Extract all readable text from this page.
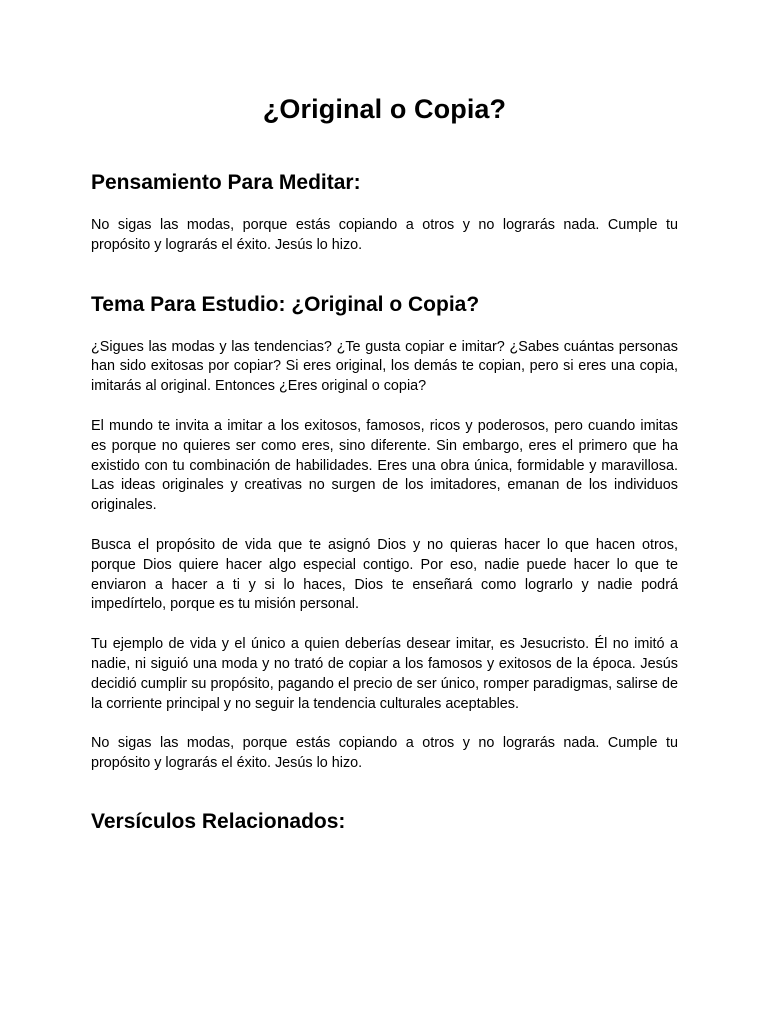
¿Original o Copia?
Pensamiento Para Meditar:

No sigas las modas, porque estás copiando a otros y no lograrás nada. Cumple tu propósito y lograrás el éxito. Jesús lo hizo.

Tema Para Estudio: ¿Original o Copia?

¿Sigues las modas y las tendencias? ¿Te gusta copiar e imitar? ¿Sabes cuántas personas han sido exitosas por copiar? Si eres original, los demás te copian, pero si eres una copia, imitarás al original. Entonces ¿Eres original o copia?

El mundo te invita a imitar a los exitosos, famosos, ricos y poderosos, pero cuando imitas es porque no quieres ser como eres, sino diferente. Sin embargo, eres el primero que ha existido con tu combinación de habilidades. Eres una obra única, formidable y maravillosa. Las ideas originales y creativas no surgen de los imitadores, emanan de los individuos originales.

Busca el propósito de vida que te asignó Dios y no quieras hacer lo que hacen otros, porque Dios quiere hacer algo especial contigo. Por eso, nadie puede hacer lo que te enviaron a hacer a ti y si lo haces, Dios te enseñará como lograrlo y nadie podrá impedírtelo, porque es tu misión personal.

Tu ejemplo de vida y el único a quien deberías desear imitar, es Jesucristo. Él no imitó a nadie, ni siguió una moda y no trató de copiar a los famosos y exitosos de la época. Jesús decidió cumplir su propósito, pagando el precio de ser único, romper paradigmas, salirse de la corriente principal y no seguir la tendencia culturales aceptables.

No sigas las modas, porque estás copiando a otros y no lograrás nada. Cumple tu propósito y lograrás el éxito. Jesús lo hizo.

Versículos Relacionados:
